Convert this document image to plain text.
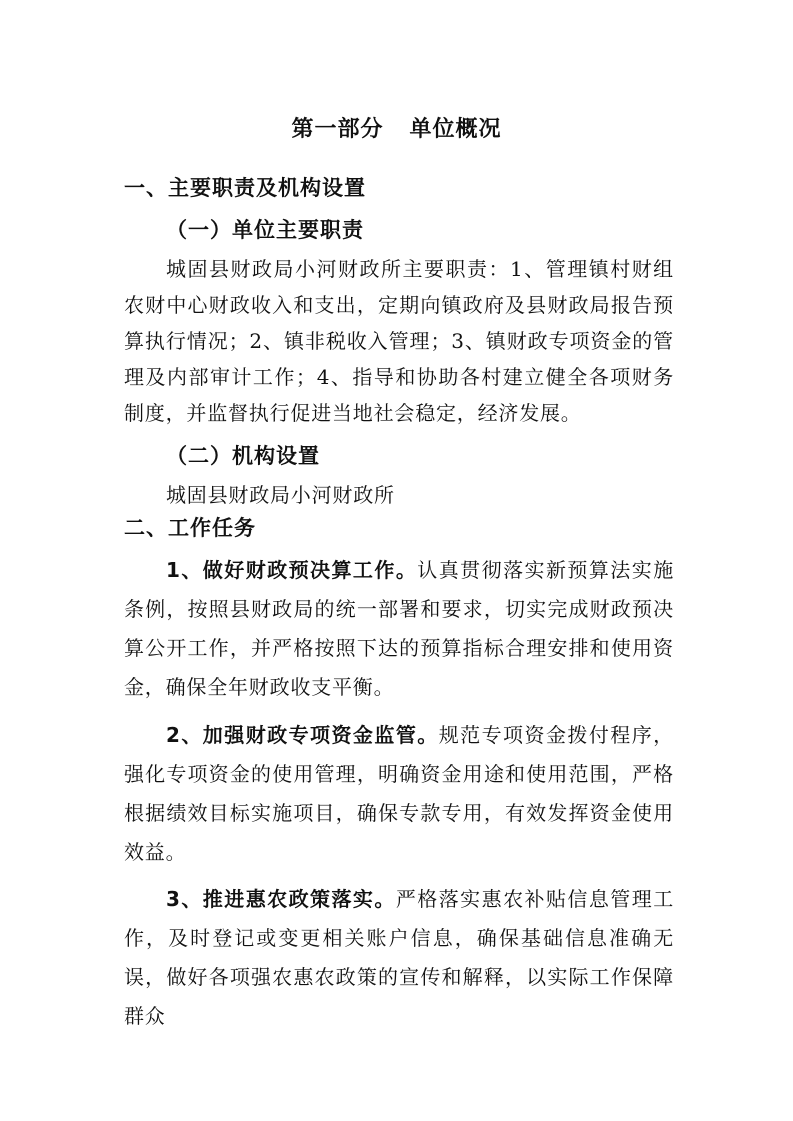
第一部分 单位概况
一、主要职责及机构设置
（一）单位主要职责

城固县财政局小河财政所主要职责：1、管理镇村财组农财中心财政收入和支出，定期向镇政府及县财政局报告预算执行情况；2、镇非税收入管理；3、镇财政专项资金的管理及内部审计工作；4、指导和协助各村建立健全各项财务制度，并监督执行促进当地社会稳定，经济发展。

（二）机构设置
城固县财政局小河财政所
二、工作任务

1、做好财政预决算工作。认真贯彻落实新预算法实施条例，按照县财政局的统一部署和要求，切实完成财政预决算公开工作，并严格按照下达的预算指标合理安排和使用资金，确保全年财政收支平衡。

2、加强财政专项资金监管。规范专项资金拨付程序，强化专项资金的使用管理，明确资金用途和使用范围，严格根据绩效目标实施项目，确保专款专用，有效发挥资金使用效益。

3、推进惠农政策落实。严格落实惠农补贴信息管理工作，及时登记或变更相关账户信息，确保基础信息准确无误，做好各项强农惠农政策的宣传和解释，以实际工作保障群众
